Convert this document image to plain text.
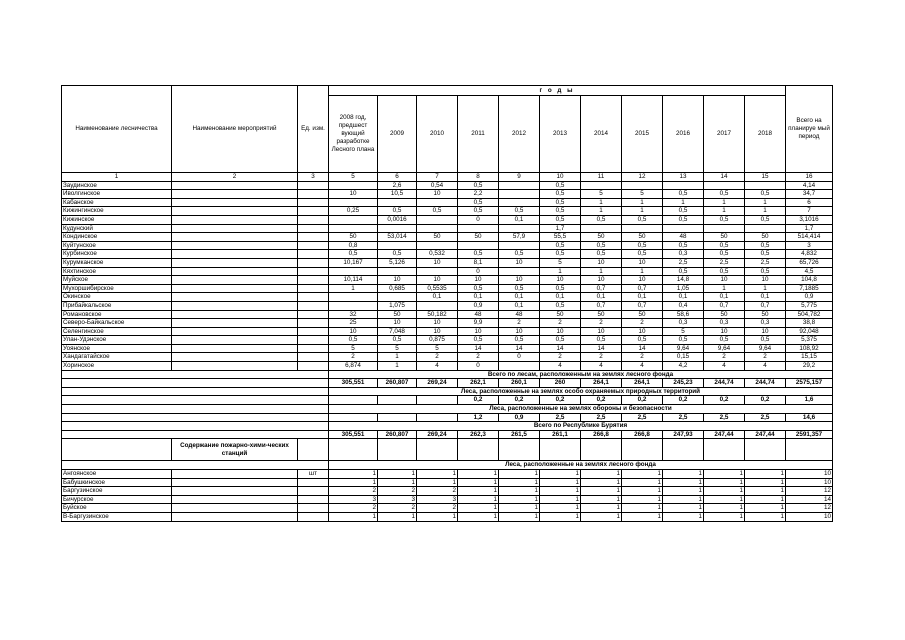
Наименование лесничества	Наименование мероприятий	Ед. изм.	г о д ы											Всего на планируе мый период
			2008 год, предшест вующий разработке Лесного плана	2009	2010	2011	2012	2013	2014	2015	2016	2017	2018	
1	2	3	5	6	7	8	9	10	11	12	13	14	15	16
Заудинское				2,6	0,54	0,5		0,5						4,14
Иволгинское			10	10,5	10	2,2		0,5	5	5	0,5	0,5	0,5	34,7
Кабанское						0,5		0,5	1	1	1	1	1	6
Кижингинское			0,25	0,5	0,5	0,5	0,5	0,5	1	1	0,5	1	1	7
Кижинское				0,0016		0	0,1	0,5	0,5	0,5	0,5	0,5	0,5	3,1016
Кудунский								1,7						1,7
Кондинское			50	53,014	50	50	57,9	55,5	50	50	48	50	50	514,414
Куйтунское			0,8					0,5	0,5	0,5	0,5	0,5	0,5	3
Курбинское			0,5	0,5	0,532	0,5	0,5	0,5	0,5	0,5	0,3	0,5	0,5	4,832
Курумканское			10,167	5,126	10	8,1	10	5	10	10	2,5	2,5	2,5	65,726
Кяхтинское						0		1	1	1	0,5	0,5	0,5	4,5
Муйское			10,114	10	10	10	10	10	10	10	14,8	10	10	104,8
Мухоршибирское			1	0,685	0,5535	0,5	0,5	0,5	0,7	0,7	1,05	1	1	7,1885
Окинское					0,1	0,1	0,1	0,1	0,1	0,1	0,1	0,1	0,1	0,9
Прибайкальское				1,075		0,9	0,1	0,5	0,7	0,7	0,4	0,7	0,7	5,775
Романовское			32	50	50,182	48	48	50	50	50	58,6	50	50	504,782
Северо-Байкальское			25	10	10	9,9	2	2	2	2	0,3	0,3	0,3	38,8
Селенгинское			10	7,048	10	10	10	10	10	10	5	10	10	92,048
Улан-Удэнское			0,5	0,5	0,875	0,5	0,5	0,5	0,5	0,5	0,5	0,5	0,5	5,375
Уоянское			5	5	5	14	14	14	14	14	9,64	9,64	9,64	108,92
Хандагатайское			2	1	2	2	0	2	2	2	0,15	2	2	15,15
Хоринское			6,874	1	4	0		4	4	4	4,2	4	4	29,2
			Всего по лесам, расположенным на землях лесного фонда											
			305,551	260,807	269,24	262,1	260,1	260	264,1	264,1	245,23	244,74	244,74	2575,157
			Леса, расположенные на землях особо охраняемых природных территорий											
						0,2	0,2	0,2	0,2	0,2	0,2	0,2	0,2	1,6
			Леса, расположенные на землях обороны и безопасности											
						1,2	0,9	2,5	2,5	2,5	2,5	2,5	2,5	14,6
			Всего по Республике Бурятия											
			305,551	260,807	269,24	262,3	261,5	261,1	266,8	266,8	247,93	247,44	247,44	2591,357
	Содержание пожарно-хими-ческих станций													
			Леса, расположенные на землях лесного фонда											
Ангоянское		шт	1	1	1	1	1	1	1	1	1	1	1	10
Бабушкинское			1	1	1	1	1	1	1	1	1	1	1	10
Баргузинское			2	2	2	1	1	1	1	1	1	1	1	12
Бичурское			3	3	3	1	1	1	1	1	1	1	1	14
Буйское			2	2	2	1	1	1	1	1	1	1	1	12
В-Баргузинское			1	1	1	1	1	1	1	1	1	1	1	10
